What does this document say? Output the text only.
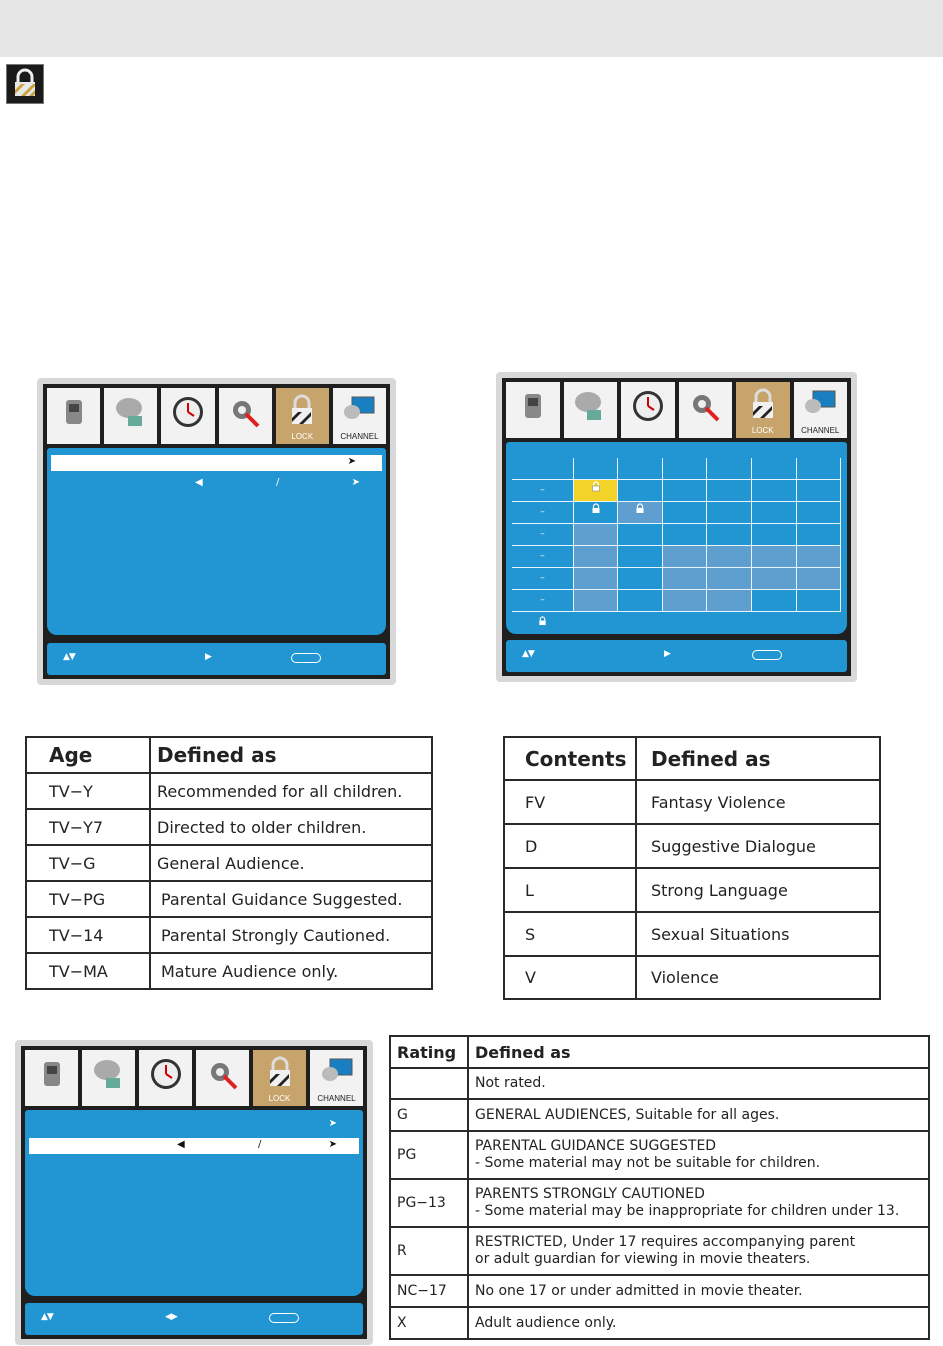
LOCK	CHANNEL
➤
◀	/	➤
▲▼	▶
LOCK	CHANNEL
–
–
–
–
–
–
▲▼	▶
Age	Defined as
TV−Y	Recommended for all children.
TV−Y7	Directed to older children.
TV−G	General Audience.
TV−PG	Parental Guidance Suggested.
TV−14	Parental Strongly Cautioned.
TV−MA	Mature Audience only.
Contents	Defined as
FV	Fantasy Violence
D	Suggestive Dialogue
L	Strong Language
S	Sexual Situations
V	Violence
LOCK	CHANNEL
➤
◀	/	➤
▲▼	◀▶
Rating	Defined as
	Not rated.
G	GENERAL AUDIENCES, Suitable for all ages.
PG	PARENTAL GUIDANCE SUGGESTED
- Some material may not be suitable for children.

PG−13	PARENTS STRONGLY CAUTIONED
- Some material may be inappropriate for children under 13.

R	RESTRICTED, Under 17 requires accompanying parent
or adult guardian for viewing in movie theaters.

NC−17	No one 17 or under admitted in movie theater.
X	Adult audience only.
